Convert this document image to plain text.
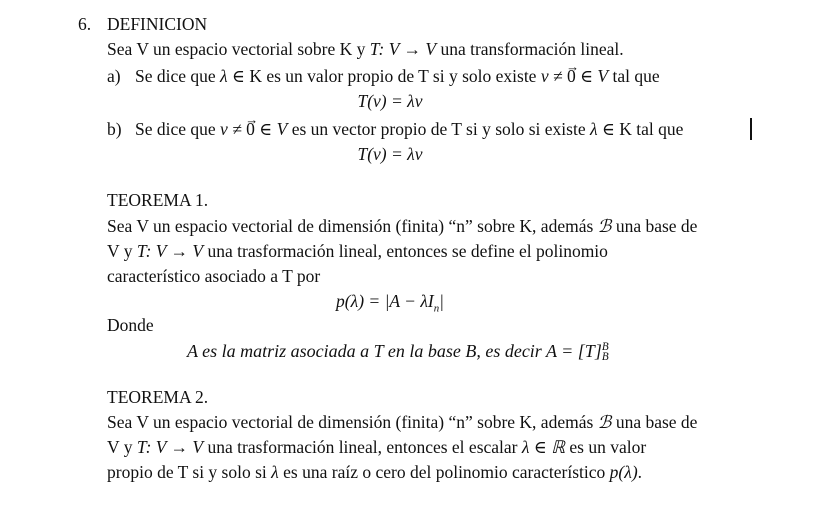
6. DEFINICION
Sea V un espacio vectorial sobre K y T: V → V una transformación lineal.
a) Se dice que λ ∈ K es un valor propio de T si y solo existe v ≠ → 0 ∈ V tal que
T(v) = λv
b) Se dice que v ≠ → 0 ∈ V es un vector propio de T si y solo si existe λ ∈ K tal que
T(v) = λv
TEOREMA 1.
Sea V un espacio vectorial de dimensión (finita) “n” sobre K, además ℬ una base de
V y T: V → V una trasformación lineal, entonces se define el polinomio
característico asociado a T por
$p(\lambda) = |A - \lambda I_n|$
Donde
A es la matriz asociada a T en la base B, es decir A = [T] B
B
TEOREMA 2.
Sea V un espacio vectorial de dimensión (finita) “n” sobre K, además ℬ una base de
V y T: V → V una trasformación lineal, entonces el escalar λ ∈ ℝ es un valor
propio de T si y solo si λ es una raíz o cero del polinomio característico p(λ).
